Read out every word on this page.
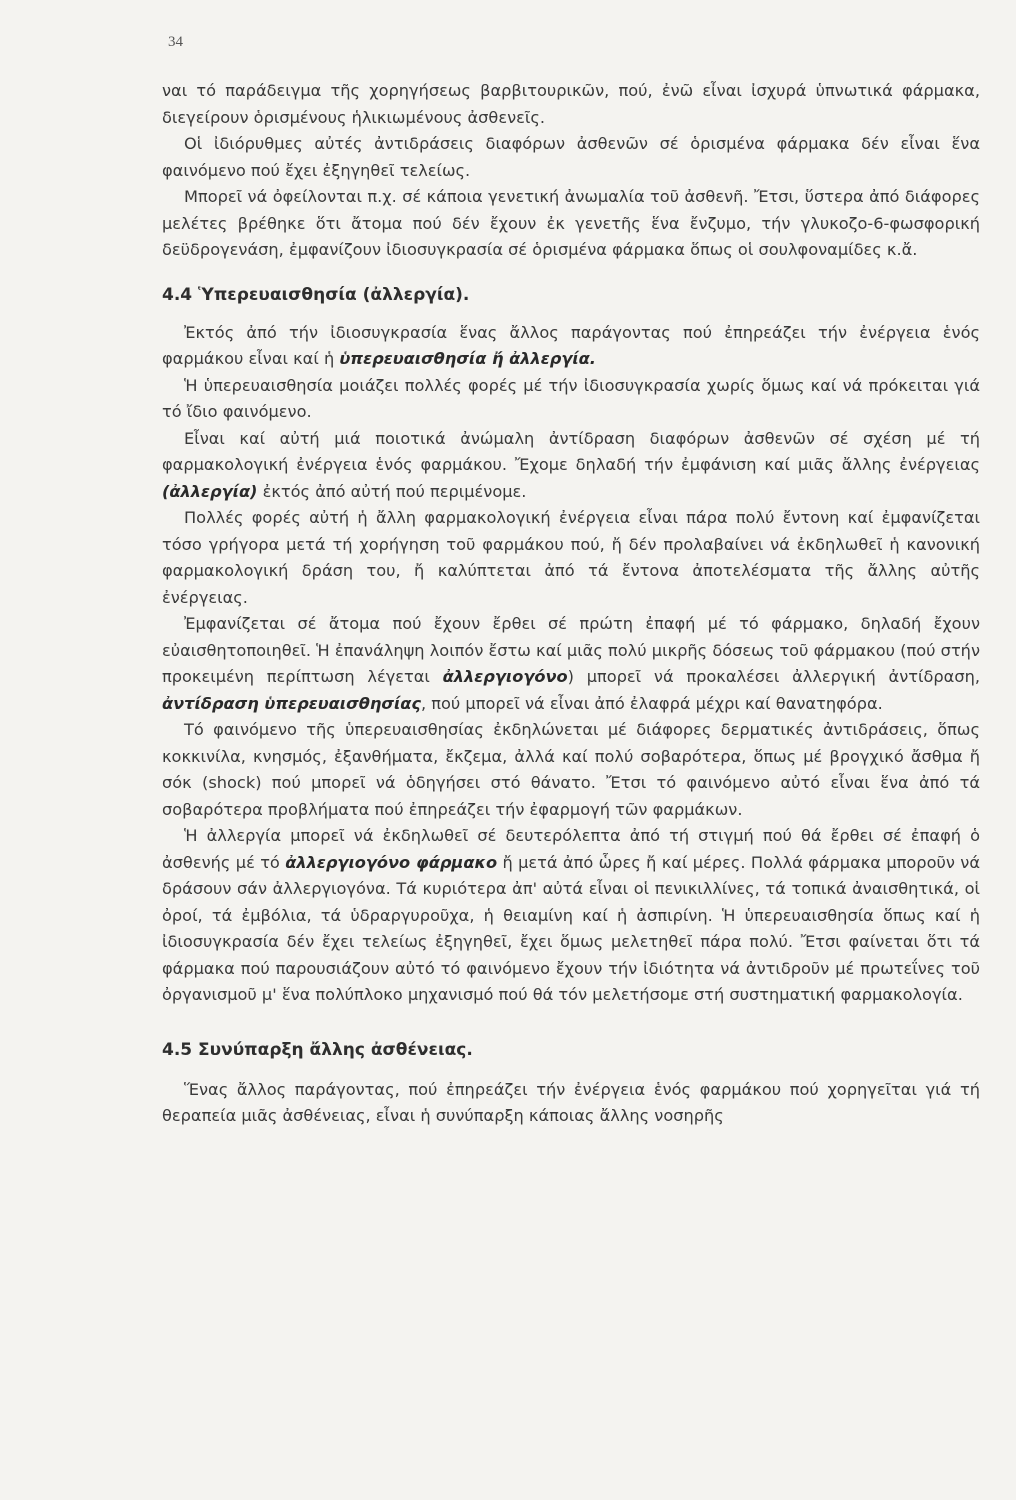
34

ναι τό παράδειγμα τῆς χορηγήσεως βαρβιτουρικῶν, πού, ἐνῶ εἶναι ἰσχυρά ὑπνωτικά φάρμακα, διεγείρουν ὁρισμένους ἡλικιωμένους ἀσθενεῖς.

Οἱ ἰδιόρυθμες αὐτές ἀντιδράσεις διαφόρων ἀσθενῶν σέ ὁρισμένα φάρμακα δέν εἶναι ἕνα φαινόμενο πού ἔχει ἐξηγηθεῖ τελείως.

Μπορεῖ νά ὀφείλονται π.χ. σέ κάποια γενετική ἀνωμαλία τοῦ ἀσθενῆ. Ἔτσι, ὕστερα ἀπό διάφορες μελέτες βρέθηκε ὅτι ἄτομα πού δέν ἔχουν ἐκ γενετῆς ἕνα ἔνζυμο, τήν γλυκοζο-6-φωσφορική δεϋδρογενάση, ἐμφανίζουν ἰδιοσυγκρασία σέ ὁρισμένα φάρμακα ὅπως οἱ σουλφοναμίδες κ.ἄ.

4.4 Ὑπερευαισθησία (ἀλλεργία).

Ἐκτός ἀπό τήν ἰδιοσυγκρασία ἕνας ἄλλος παράγοντας πού ἐπηρεάζει τήν ἐνέργεια ἑνός φαρμάκου εἶναι καί ἡ ὑπερευαισθησία ἤ ἀλλεργία.

Ἡ ὑπερευαισθησία μοιάζει πολλές φορές μέ τήν ἰδιοσυγκρασία χωρίς ὅμως καί νά πρόκειται γιά τό ἴδιο φαινόμενο.

Εἶναι καί αὐτή μιά ποιοτικά ἀνώμαλη ἀντίδραση διαφόρων ἀσθενῶν σέ σχέση μέ τή φαρμακολογική ἐνέργεια ἑνός φαρμάκου. Ἔχομε δηλαδή τήν ἐμφάνιση καί μιᾶς ἄλλης ἐνέργειας (ἀλλεργία) ἐκτός ἀπό αὐτή πού περιμένομε.

Πολλές φορές αὐτή ἡ ἄλλη φαρμακολογική ἐνέργεια εἶναι πάρα πολύ ἔντονη καί ἐμφανίζεται τόσο γρήγορα μετά τή χορήγηση τοῦ φαρμάκου πού, ἤ δέν προλαβαίνει νά ἐκδηλωθεῖ ἡ κανονική φαρμακολογική δράση του, ἤ καλύπτεται ἀπό τά ἔντονα ἀποτελέσματα τῆς ἄλλης αὐτῆς ἐνέργειας.

Ἐμφανίζεται σέ ἄτομα πού ἔχουν ἔρθει σέ πρώτη ἐπαφή μέ τό φάρμακο, δηλαδή ἔχουν εὐαισθητοποιηθεῖ. Ἡ ἐπανάληψη λοιπόν ἔστω καί μιᾶς πολύ μικρῆς δόσεως τοῦ φάρμακου (πού στήν προκειμένη περίπτωση λέγεται ἀλλεργιογόνο) μπορεῖ νά προκαλέσει ἀλλεργική ἀντίδραση, ἀντίδραση ὑπερευαισθησίας, πού μπορεῖ νά εἶναι ἀπό ἐλαφρά μέχρι καί θανατηφόρα.

Τό φαινόμενο τῆς ὑπερευαισθησίας ἐκδηλώνεται μέ διάφορες δερματικές ἀντιδράσεις, ὅπως κοκκινίλα, κνησμός, ἐξανθήματα, ἔκζεμα, ἀλλά καί πολύ σοβαρότερα, ὅπως μέ βρογχικό ἄσθμα ἤ σόκ (shock) πού μπορεῖ νά ὁδηγήσει στό θάνατο. Ἔτσι τό φαινόμενο αὐτό εἶναι ἕνα ἀπό τά σοβαρότερα προβλήματα πού ἐπηρεάζει τήν ἐφαρμογή τῶν φαρμάκων.

Ἡ ἀλλεργία μπορεῖ νά ἐκδηλωθεῖ σέ δευτερόλεπτα ἀπό τή στιγμή πού θά ἔρθει σέ ἐπαφή ὁ ἀσθενής μέ τό ἀλλεργιογόνο φάρμακο ἤ μετά ἀπό ὧρες ἤ καί μέρες. Πολλά φάρμακα μποροῦν νά δράσουν σάν ἀλλεργιογόνα. Τά κυριότερα ἀπ' αὐτά εἶναι οἱ πενικιλλίνες, τά τοπικά ἀναισθητικά, οἱ ὀροί, τά ἐμβόλια, τά ὑδραργυροῦχα, ἡ θειαμίνη καί ἡ ἀσπιρίνη. Ἡ ὑπερευαισθησία ὅπως καί ἡ ἰδιοσυγκρασία δέν ἔχει τελείως ἐξηγηθεῖ, ἔχει ὅμως μελετηθεῖ πάρα πολύ. Ἔτσι φαίνεται ὅτι τά φάρμακα πού παρουσιάζουν αὐτό τό φαινόμενο ἔχουν τήν ἰδιότητα νά ἀντιδροῦν μέ πρωτεΐνες τοῦ ὀργανισμοῦ μ' ἕνα πολύπλοκο μηχανισμό πού θά τόν μελετήσομε στή συστηματική φαρμακολογία.

4.5 Συνύπαρξη ἄλλης ἀσθένειας.

Ἕνας ἄλλος παράγοντας, πού ἐπηρεάζει τήν ἐνέργεια ἑνός φαρμάκου πού χορηγεῖται γιά τή θεραπεία μιᾶς ἀσθένειας, εἶναι ἡ συνύπαρξη κάποιας ἄλλης νοσηρῆς
